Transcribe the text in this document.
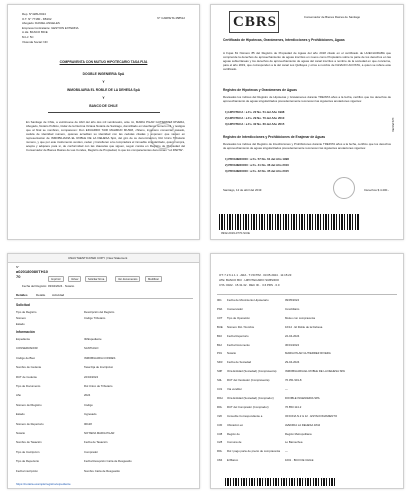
Rep. N°4281/2024
O.T. N° 77180 - KB162
Abogado: DANIEL ANGELES
Empresa Contratante: GESTION EXTERNA
A.LE. BANCO BICE
M.LJ: 5C
Vivienda Social: NO
N° CARPETA 458512
COMPRAVENTA CON MUTUO HIPOTECARIO TASA FIJA
DOOBLE INGENIERIA SpA
Y
INMOBILIARIA EL ROBLE DE LA DEHESA SpA
Y
BANCO DE CHILE
En Santiago de Chile, a veintinueve de Abril del año dos mil veinticuatro, ante mi, MARIA PILAR GUTIERREZ RIVERA, Abogado, Notario Publico, titular de la Decima Octava Notaria de Santiago, domiciliado en Huerfanos numero mil, y testigos que al final se nombran, comparecen: Don EDUARDO TAIR MAHMUD MUSRI, chileno, ingeniero comercial, casado, cedula de identidad numero, quienes acreditan su identidad con las cedulas citadas y exponen: que vienen en representacion de INMOBILIARIA EL ROBLE DE LA DEHESA SpA, del giro de su denominacion, Rol Unico Tributario numero, y que por este instrumento venden, ceden y transfieren a la compradora el inmueble singularizado, quien compra, acepta y adquiere para si, de conformidad con las clausulas que siguen, segun consta en Registro de Propiedad del Conservador de Bienes Raices de Las Condes, Registro de Propiedad, lo que los comparecientes denominan "LA PARTE".
CBRS	Conservador de Bienes Raíces de Santiago
Certificado de Hipotecas, Gravámenes, Interdicciones y Prohibiciones, Aguas
A Fojas 81 Número 85 del Registro de Propiedad de Aguas del año 2018 citado en el certificado de HUECHURABA que comprende la derechos de aprovechamiento de aguas inscritos en nuevo como Propietario sobre la parte de los derechos en las aguas subterráneas y los derechos de aprovechamiento de aguas del canal inscritos a nombre de la sociedad en que concierne, para el año 2019, que corresponden a la del canal Los Quillayes y otros a nombre de IGNACIO ACOSTA, a quien se refiere este certificado.
Registro de Hipotecas y Gravámenes de Aguas
Revisados los índices del Registro de Hipotecas y Gravámenes durante TREINTA años a la fecha, certifico que los derechos de aprovechamiento de aguas singularizados precedentemente reconocen las siguientes anotaciones vigentes:
1) HIPOTECA : a Fs. 22 No. 51 del Año 1998
2) HIPOTECA : a Fs. 29 No. 70 del Año 2010
3) HIPOTECA : a Fs. 32 No. 60 del Año 2015
Registro de Interdicciones y Prohibiciones de Enajenar de Aguas
Revisados los índices del Registro de Interdicciones y Prohibiciones durante TREINTA años a la fecha, certifico que los derechos de aprovechamiento de aguas singularizados precedentemente reconocen las siguientes anotaciones vigentes:
1) PROHIBICION : a Fs. 57 No. 61 del Año 1998
2) PROHIBICION : a Fs. 41 No. 36 del Año 2010
3) PROHIBICION : a Fs. 42 No. 35 del Año 2015
Santiago, 12 de abril del 2019	Derechos $ 4.400.-
0932-2019-0770-SCIE
123456789
UNAUTHENTICATED COPY | New Statement
N°
a020180080TH10
70
Imprimir	Volver	Solicitar firma	Ver documentos	Modificar
Fecha del Registro: 03/04/2024 · Notario
Detalles	Detalle Actividad
Solicitud
Tipo de Registro	Descripción del Registro
Número	Código Tributario
Estado
Información
Expediente	ID/Expediente
CONSERVADOR	SANTIAGO
Código de Bien	INMOBILIARIA CONDES
Nombre de Cedente	Tasa Fija de Inscripcion
RUT de Cedente	22/04/2024
Tipo de Documento	Rol Unico de Tributario
Año	2024
Número del Registro	Código
Estado	Ingresado
Número de Repertorio	00128
Notario	NOTARIA MARIA PILAR
Nombre de Tasación	Fecha de Tasación
Tipo de Inscripción	Comprador
Tipo de Repertorio	Fecha Recepción Carta de Resguardo
Fecha Inscripción	Nombre Carta de Resguardo
https://notaria.example/registro/expediente
OT: 7.2 6.1.1 1 · ARA · T.VICTIM · 03.05.2024 · 11:15:23
ATE: BANCO BCI · HIPOTECARIO SUBSIDIO
CTA: 0022 · 15.31.32 · REC ID. · 3.6 PRS · 0.0
001 Fecha de Movimiento Hipotecario	09/05/2024
P0A Conservador	Inmobiliario
C0T Tipo de Operación	Mutuo con compraventa
BUE Número Rol / Nombre	16/12 · El Roble de la Dehesa
B10 Fecha Repertorio	22-04-2024
B12 Fecha Documento	30/01/2024
P01 Notario	MARIA PILAR GUTIERREZ RIVERA
SD3 Fecha de Sociedad	29-04-2024
S0P Otra Entidad (Sociedad) (Compraventa)	INMOBILIARIA EL ROBLE DE LA DEHESA SPA
S0L RUT del Vendedor (Compraventa)	76.351.901-8
C31 Vía venditur	—
R0H Otra Entidad (Sociedad) (Comprador)	DOOBLE INGENIERIA SPA
R0L RUT del Comprador (Comprador)	76.853.114-2
V20 Inmueble Correspondiente a	OFICINA N.2 & 12 · ESTACIONAMIENTO
C30 Ubicación en	AVENIDA LA DEHESA 1844
C38 Región de	Región Metropolitana
C28 Comuna de	Lo Barnechea
R0L Rol / pago parte de precio de compraventa —
C84 El Banco	1001 · BCO DE CHILE
